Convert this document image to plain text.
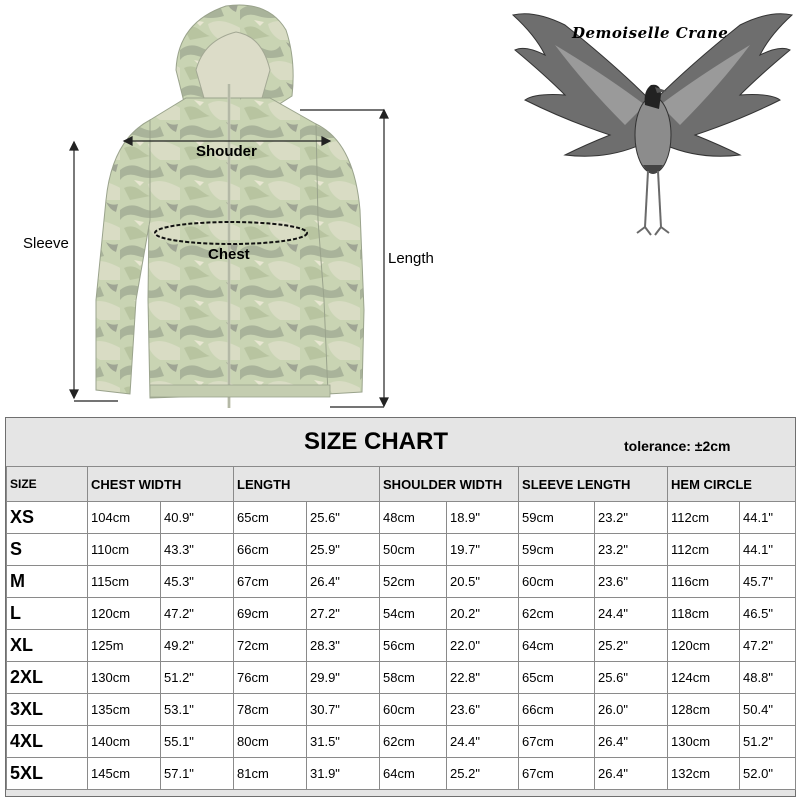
Shouder
Chest
Sleeve
Length
Demoiselle Crane
SIZE CHART	tolerance: ±2cm
SIZE	CHEST WIDTH		LENGTH		SHOULDER WIDTH		SLEEVE LENGTH		HEM CIRCLE	
XS	104cm	40.9"	65cm	25.6"	48cm	18.9"	59cm	23.2"	112cm	44.1"
S	110cm	43.3"	66cm	25.9"	50cm	19.7"	59cm	23.2"	112cm	44.1"
M	115cm	45.3"	67cm	26.4"	52cm	20.5"	60cm	23.6"	116cm	45.7"
L	120cm	47.2"	69cm	27.2"	54cm	20.2"	62cm	24.4"	118cm	46.5"
XL	125m	49.2"	72cm	28.3"	56cm	22.0"	64cm	25.2"	120cm	47.2"
2XL	130cm	51.2"	76cm	29.9"	58cm	22.8"	65cm	25.6"	124cm	48.8"
3XL	135cm	53.1"	78cm	30.7"	60cm	23.6"	66cm	26.0"	128cm	50.4"
4XL	140cm	55.1"	80cm	31.5"	62cm	24.4"	67cm	26.4"	130cm	51.2"
5XL	145cm	57.1"	81cm	31.9"	64cm	25.2"	67cm	26.4"	132cm	52.0"
